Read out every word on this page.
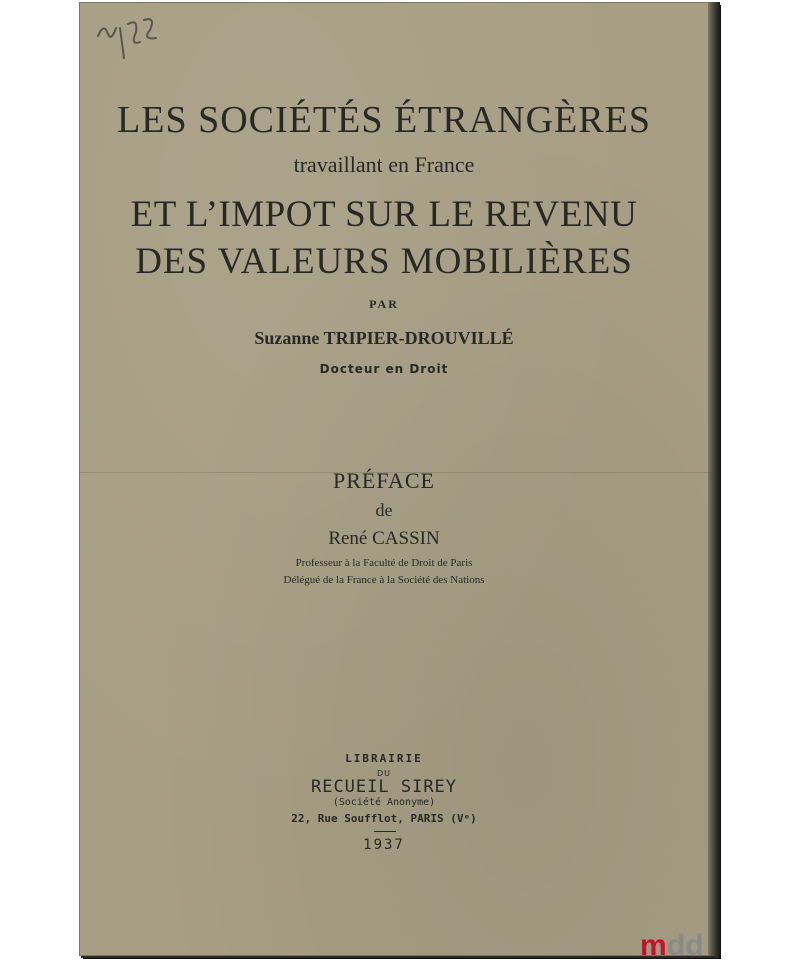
LES SOCIÉTÉS ÉTRANGÈRES
travaillant en France
ET L’IMPOT SUR LE REVENU
DES VALEURS MOBILIÈRES
PAR
Suzanne TRIPIER-DROUVILLÉ
Docteur en Droit
PRÉFACE
de
René CASSIN
Professeur à la Faculté de Droit de Paris
Délégué de la France à la Société des Nations
LIBRAIRIE
DU
RECUEIL SIREY
(Société Anonyme)
22, Rue Soufflot, PARIS (Vᵉ)
1937
m dd
